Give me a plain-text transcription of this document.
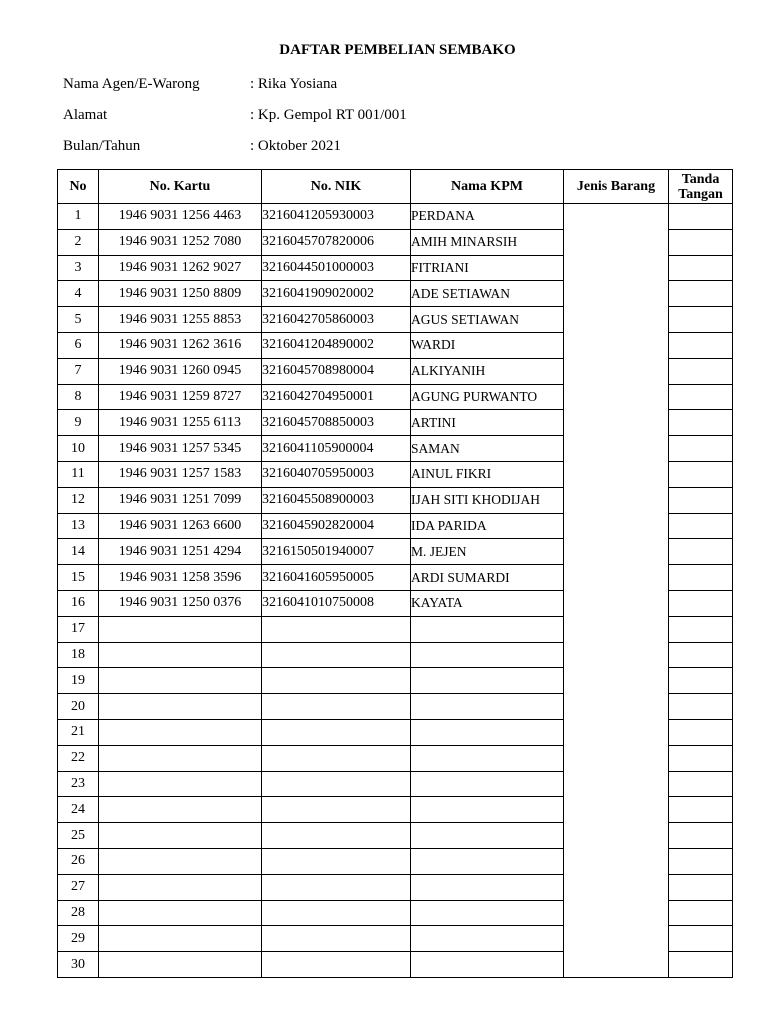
DAFTAR PEMBELIAN SEMBAKO
Nama Agen/E-Warong	: Rika Yosiana
Alamat	: Kp. Gempol RT 001/001
Bulan/Tahun	: Oktober 2021
No	No. Kartu	No. NIK	Nama KPM	Jenis Barang	Tanda
Tangan

1	1946 9031 1256 4463	3216041205930003	PERDANA		
2	1946 9031 1252 7080	3216045707820006	AMIH MINARSIH		
3	1946 9031 1262 9027	3216044501000003	FITRIANI		
4	1946 9031 1250 8809	3216041909020002	ADE SETIAWAN		
5	1946 9031 1255 8853	3216042705860003	AGUS SETIAWAN		
6	1946 9031 1262 3616	3216041204890002	WARDI		
7	1946 9031 1260 0945	3216045708980004	ALKIYANIH		
8	1946 9031 1259 8727	3216042704950001	AGUNG PURWANTO		
9	1946 9031 1255 6113	3216045708850003	ARTINI		
10	1946 9031 1257 5345	3216041105900004	SAMAN		
11	1946 9031 1257 1583	3216040705950003	AINUL FIKRI		
12	1946 9031 1251 7099	3216045508900003	IJAH SITI KHODIJAH		
13	1946 9031 1263 6600	3216045902820004	IDA PARIDA		
14	1946 9031 1251 4294	3216150501940007	M. JEJEN		
15	1946 9031 1258 3596	3216041605950005	ARDI SUMARDI		
16	1946 9031 1250 0376	3216041010750008	KAYATA		
17					
18					
19					
20					
21					
22					
23					
24					
25					
26					
27					
28					
29					
30					
